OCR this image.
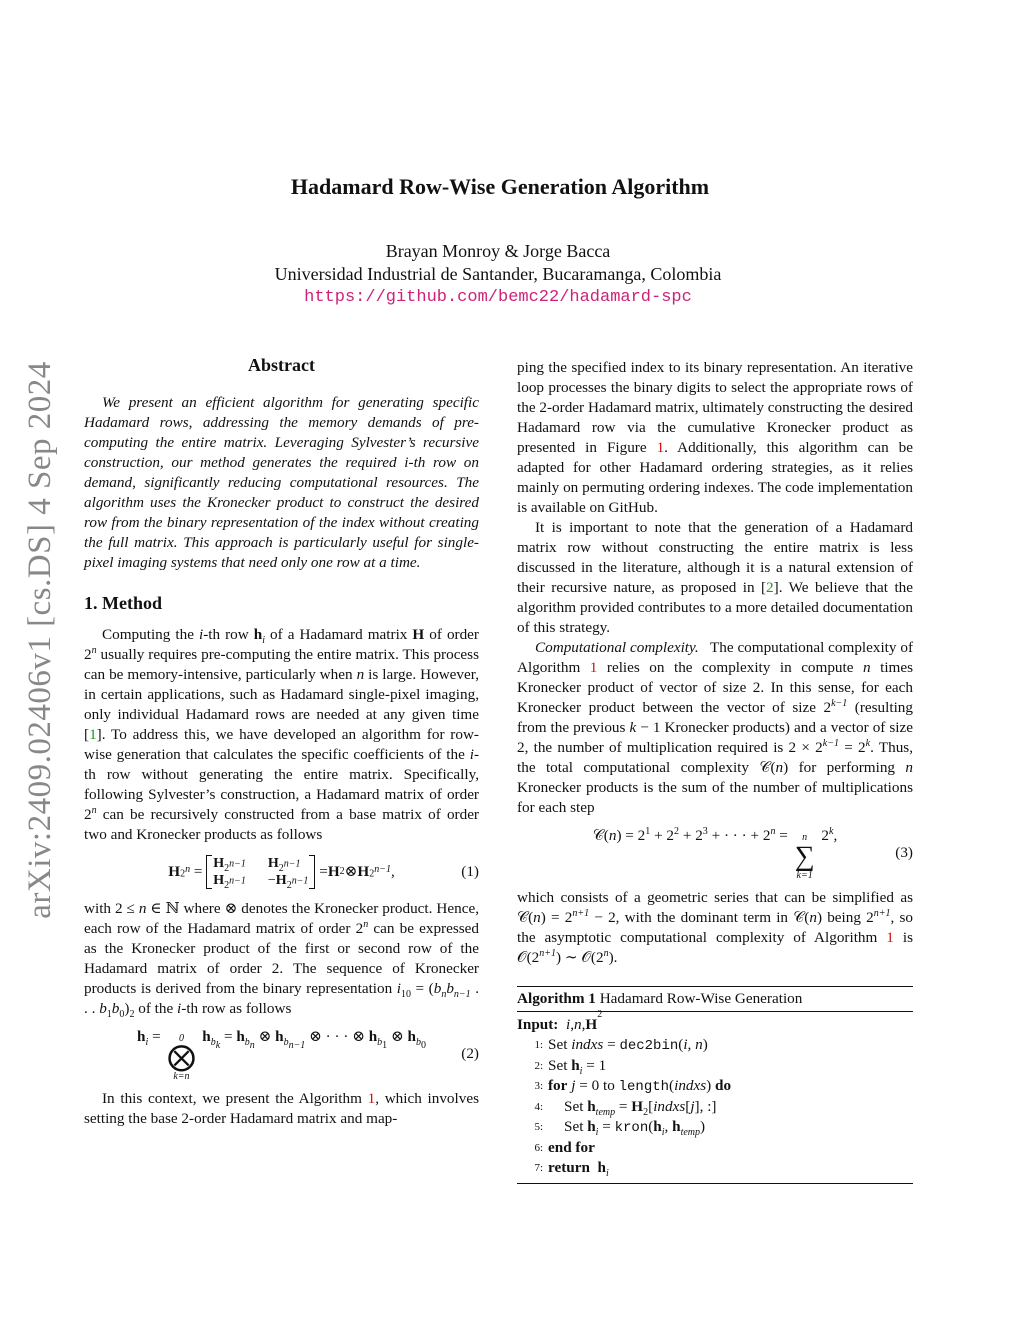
arXiv:2409.02406v1 [cs.DS] 4 Sep 2024
Hadamard Row-Wise Generation Algorithm
Brayan Monroy & Jorge Bacca
Universidad Industrial de Santander, Bucaramanga, Colombia
https://github.com/bemc22/hadamard-spc
Abstract

We present an efficient algorithm for generating specific Hadamard rows, addressing the memory demands of pre-computing the entire matrix. Leveraging Sylvester’s recursive construction, our method generates the required i-th row on demand, significantly reducing computational resources. The algorithm uses the Kronecker product to construct the desired row from the binary representation of the index without creating the full matrix. This approach is particularly useful for single-pixel imaging systems that need only one row at a time.

1. Method

Computing the i-th row $h_i$ of a Hadamard matrix H of order 2$^n$ usually requires pre-computing the entire matrix. This process can be memory-intensive, particularly when n is large. However, in certain applications, such as Hadamard single-pixel imaging, only individual Hadamard rows are needed at any given time [1]. To address this, we have developed an algorithm for row-wise generation that calculates the specific coefficients of the i-th row without generating the entire matrix. Specifically, following Sylvester’s construction, a Hadamard matrix of order 2$^n$ can be recursively constructed from a base matrix of order two and Kronecker products as follows

H $2^n = H_{2^{n-1}}$ $H_{2^{n-1}}$
$H_{2^{n-1}} -H_{2^{n-1}}$
= H 2 ⊗ H $2^{n-1}$ ,	(1)

with 2 ≤ n ∈ ℕ where ⊗ denotes the Kronecker product. Hence, each row of the Hadamard matrix of order 2$^n$ can be expressed as the Kronecker product of the first or second row of the Hadamard matrix of order 2. The sequence of Kronecker products is derived from the binary representation $i_{10} = (b_nb_{n-1}$ . . . $b_1b_0)_2$ of the i-th row as follows

$h_i = 0$
⨂
k=n
$h_{b_k} = h_{b_n}$ ⊗ $h_{b_{n-1}}$ ⊗ · · · ⊗ $h_{b_1}$ ⊗ $h_{b_0}$ (2)

In this context, we present the Algorithm 1, which involves setting the base 2-order Hadamard matrix and map-

ping the specified index to its binary representation. An iterative loop processes the binary digits to select the appropriate rows of the 2-order Hadamard matrix, ultimately constructing the desired Hadamard row via the cumulative Kronecker product as presented in Figure 1. Additionally, this algorithm can be adapted for other Hadamard ordering strategies, as it relies mainly on permuting ordering indexes. The code implementation is available on GitHub.

It is important to note that the generation of a Hadamard matrix row without constructing the entire matrix is less discussed in the literature, although it is a natural extension of their recursive nature, as proposed in [2]. We believe that the algorithm provided contributes to a more detailed documentation of this strategy.

Computational complexity.   The computational complexity of Algorithm 1 relies on the complexity in compute n times Kronecker product of vector of size 2. In this sense, for each Kronecker product between the vector of size $2^{k-1}$ (resulting from the previous k − 1 Kronecker products) and a vector of size 2, the number of multiplication required is $2 \times 2^{k-1} = 2^k$. Thus, the total computational complexity 𝒞(n) for performing n Kronecker products is the sum of the number of multiplications for each step

𝒞(n) = $2^1 + 2^2 + 2^3$ + · · · + $2^n = n$
∑
k=1
2$^k$,
(3)

which consists of a geometric series that can be simplified as 𝒞(n) = $2^{n+1} - 2$, with the dominant term in 𝒞(n) being $2^{n+1}$, so the asymptotic computational complexity of Algorithm 1 is $𝒪(2^{n+1})$ ∼ 𝒪(2$^n$).

Algorithm 1 Hadamard Row-Wise Generation
Input:
i , n , H
2
1: Set indxs = dec2bin(i, n)
2: Set $h_i = 1$
3: for j = 0 to length(indxs) do
4:	Set $h_{temp}$ = $H_2[indxs[j]$, :]
5:	Set $h_i$ = $kron(h_i$, $h_{temp}$)
6: end for
7: return $h_i$
